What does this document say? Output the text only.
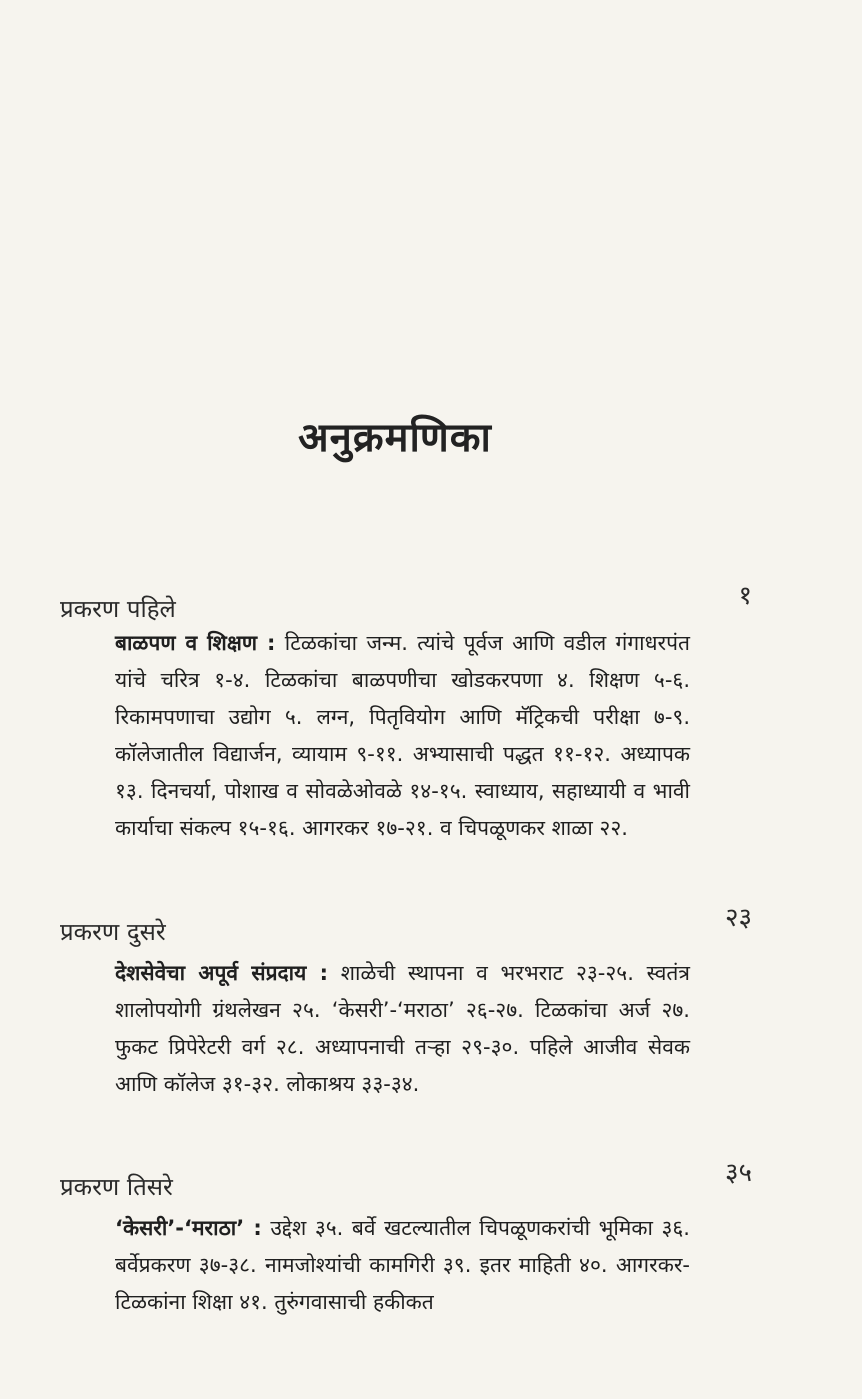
अनुक्रमणिका
प्रकरण पहिले	१
बाळपण व शिक्षण : टिळकांचा जन्म. त्यांचे पूर्वज आणि वडील गंगाधरपंत यांचे चरित्र १-४. टिळकांचा बाळपणीचा खोडकरपणा ४. शिक्षण ५-६. रिकामपणाचा उद्योग ५. लग्न, पितृवियोग आणि मॅट्रिकची परीक्षा ७-९. कॉलेजातील विद्यार्जन, व्यायाम ९-११. अभ्यासाची पद्धत ११-१२. अध्यापक १३. दिनचर्या, पोशाख व सोवळेओवळे १४-१५. स्वाध्याय, सहाध्यायी व भावी कार्याचा संकल्प १५-१६. आगरकर १७-२१. व चिपळूणकर शाळा २२.
प्रकरण दुसरे	२३
देशसेवेचा अपूर्व संप्रदाय : शाळेची स्थापना व भरभराट २३-२५. स्वतंत्र शालोपयोगी ग्रंथलेखन २५. ‘केसरी’-‘मराठा’ २६-२७. टिळकांचा अर्ज २७. फुकट प्रिपेरेटरी वर्ग २८. अध्यापनाची तऱ्हा २९-३०. पहिले आजीव सेवक आणि कॉलेज ३१-३२. लोकाश्रय ३३-३४.
प्रकरण तिसरे	३५
‘केसरी’-‘मराठा’ : उद्देश ३५. बर्वे खटल्यातील चिपळूणकरांची भूमिका ३६. बर्वेप्रकरण ३७-३८. नामजोश्यांची कामगिरी ३९. इतर माहिती ४०. आगरकर-टिळकांना शिक्षा ४१. तुरुंगवासाची हकीकत
